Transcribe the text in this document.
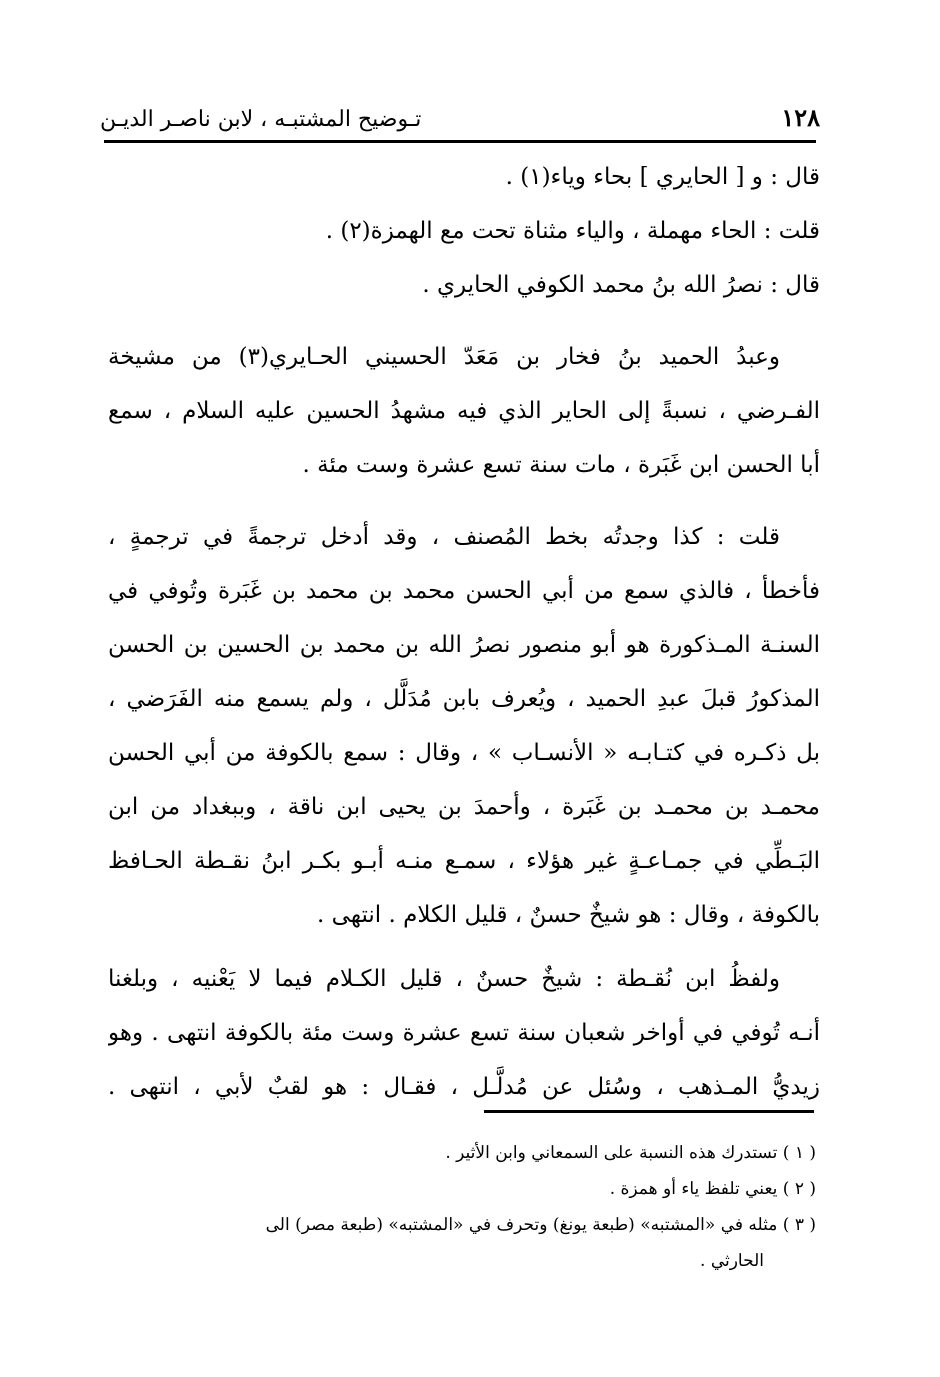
١٢٨
تـوضيح المشتبـه ، لابن ناصـر الديـن
قال : و [ الحايري ] بحاء وياء(١) .
قلت : الحاء مهملة ، والياء مثناة تحت مع الهمزة(٢) .
قال : نصرُ الله بنُ محمد الكوفي الحايري .
وعبدُ الحميد بنُ فخار بن مَعَدّ الحسيني الحـايري(٣) من مشيخة
الفـرضي ، نسبةً إلى الحاير الذي فيه مشهدُ الحسين عليه السلام ، سمع
أبا الحسن ابن غَبَرة ، مات سنة تسع عشرة وست مئة .
قلت : كذا وجدتُه بخط المُصنف ، وقد أدخل ترجمةً في ترجمةٍ ،
فأخطأ ، فالذي سمع من أبي الحسن محمد بن محمد بن غَبَرة وتُوفي في
السنـة المـذكورة هو أبو منصور نصرُ الله بن محمد بن الحسين بن الحسن
المذكورُ قبلَ عبدِ الحميد ، ويُعرف بابن مُدَلَّل ، ولم يسمع منه الفَرَضي ،
بل ذكـره في كتـابـه « الأنسـاب » ، وقال : سمع بالكوفة من أبي الحسن
محمـد بن محمـد بن غَبَرة ، وأحمدَ بن يحيى ابن ناقة ، وببغداد من ابن
البَـطِّي في جمـاعـةٍ غير هؤلاء ، سمـع منـه أبـو بكـر ابنُ نقـطة الحـافظ
بالكوفة ، وقال : هو شيخٌ حسنٌ ، قليل الكلام . انتهى .
ولفظُ ابن نُقـطة : شيخٌ حسنٌ ، قليل الكـلام فيما لا يَعْنيه ، وبلغنا
أنـه تُوفي في أواخر شعبان سنة تسع عشرة وست مئة بالكوفة انتهى . وهو
زيديُّ المـذهب ، وسُئل عن مُدلَّـل ، فقـال : هو لقبٌ لأبي ، انتهى .
( ١ ) تستدرك هذه النسبة على السمعاني وابن الأثير .
( ٢ ) يعني تلفظ ياء أو همزة .
( ٣ ) مثله في «المشتبه» (طبعة يونغ) وتحرف في «المشتبه» (طبعة مصر) الى
الحارثي .
